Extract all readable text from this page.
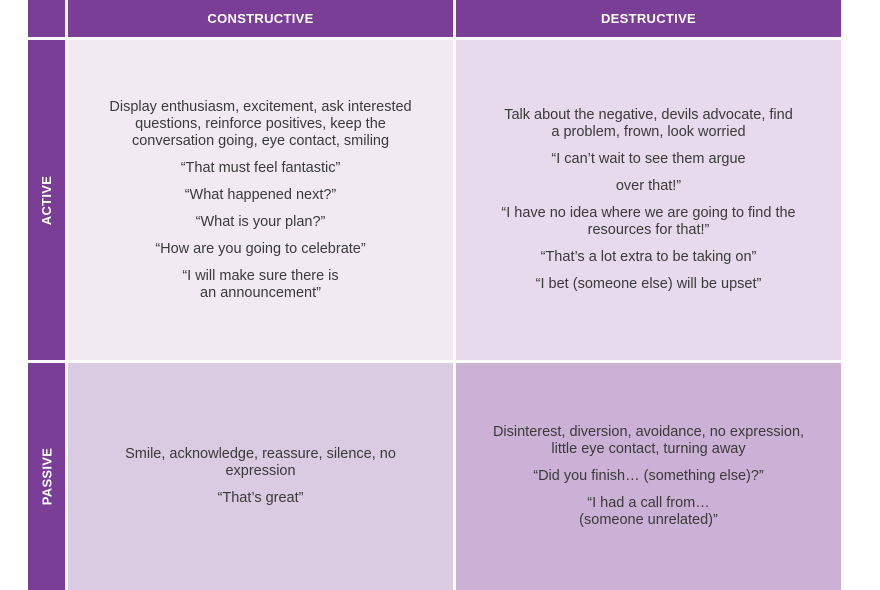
CONSTRUCTIVE	DESTRUCTIVE
ACTIVE

Display enthusiasm, excitement, ask interested questions, reinforce positives, keep the conversation going, eye contact, smiling

“That must feel fantastic”

“What happened next?”

“What is your plan?”

“How are you going to celebrate”

“I will make sure there is an announcement”

Talk about the negative, devils advocate, find a problem, frown, look worried

“I can’t wait to see them argue

over that!”

“I have no idea where we are going to find the resources for that!”

“That’s a lot extra to be taking on”

“I bet (someone else) will be upset”

PASSIVE	Smile, acknowledge, reassure, silence, no expression

“That’s great”

Disinterest, diversion, avoidance, no expression, little eye contact, turning away

“Did you finish… (something else)?”

“I had a call from… (someone unrelated)”
